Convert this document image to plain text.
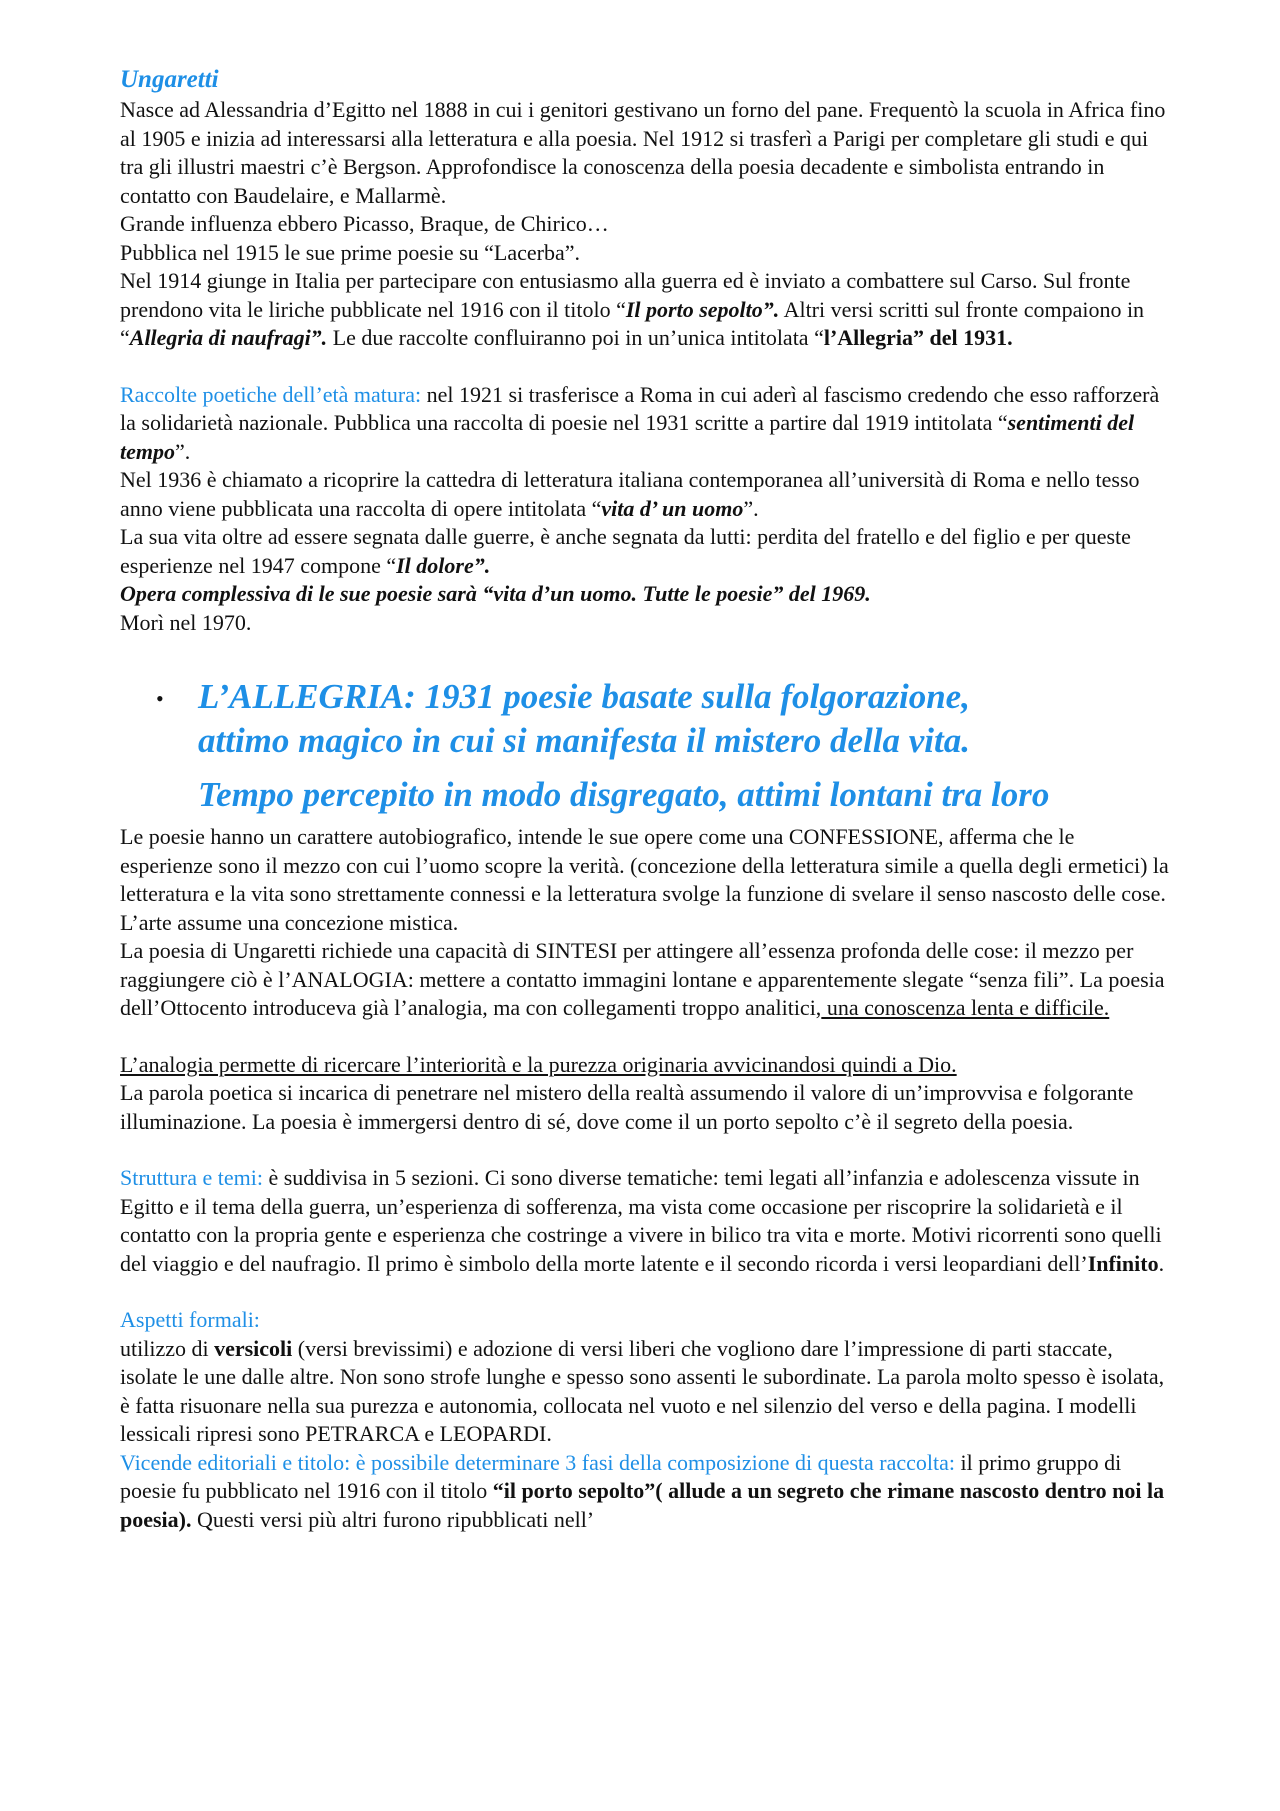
Ungaretti

Nasce ad Alessandria d’Egitto nel 1888 in cui i genitori gestivano un forno del pane. Frequentò la scuola in Africa fino al 1905 e inizia ad interessarsi alla letteratura e alla poesia. Nel 1912 si trasferì a Parigi per completare gli studi e qui tra gli illustri maestri c’è Bergson. Approfondisce la conoscenza della poesia decadente e simbolista entrando in contatto con Baudelaire, e Mallarmè.

Grande influenza ebbero Picasso, Braque, de Chirico…

Pubblica nel 1915 le sue prime poesie su “Lacerba”.

Nel 1914 giunge in Italia per partecipare con entusiasmo alla guerra ed è inviato a combattere sul Carso. Sul fronte prendono vita le liriche pubblicate nel 1916 con il titolo “Il porto sepolto”. Altri versi scritti sul fronte compaiono in “Allegria di naufragi”. Le due raccolte confluiranno poi in un’unica intitolata “l’Allegria” del 1931.

Raccolte poetiche dell’età matura: nel 1921 si trasferisce a Roma in cui aderì al fascismo credendo che esso rafforzerà la solidarietà nazionale. Pubblica una raccolta di poesie nel 1931 scritte a partire dal 1919 intitolata “sentimenti del tempo”.

Nel 1936 è chiamato a ricoprire la cattedra di letteratura italiana contemporanea all’università di Roma e nello tesso anno viene pubblicata una raccolta di opere intitolata “vita d’ un uomo”.

La sua vita oltre ad essere segnata dalle guerre, è anche segnata da lutti: perdita del fratello e del figlio e per queste esperienze nel 1947 compone “Il dolore”.

Opera complessiva di le sue poesie sarà “vita d’un uomo. Tutte le poesie” del 1969.

Morì nel 1970.

• L’ALLEGRIA: 1931 poesie basate sulla folgorazione,
attimo magico in cui si manifesta il mistero della vita.
Tempo percepito in modo disgregato, attimi lontani tra loro

Le poesie hanno un carattere autobiografico, intende le sue opere come una CONFESSIONE, afferma che le esperienze sono il mezzo con cui l’uomo scopre la verità. (concezione della letteratura simile a quella degli ermetici) la letteratura e la vita sono strettamente connessi e la letteratura svolge la funzione di svelare il senso nascosto delle cose.

L’arte assume una concezione mistica.

La poesia di Ungaretti richiede una capacità di SINTESI per attingere all’essenza profonda delle cose: il mezzo per raggiungere ciò è l’ANALOGIA: mettere a contatto immagini lontane e apparentemente slegate “senza fili”. La poesia dell’Ottocento introduceva già l’analogia, ma con collegamenti troppo analitici, una conoscenza lenta e difficile.

L’analogia permette di ricercare l’interiorità e la purezza originaria avvicinandosi quindi a Dio.

La parola poetica si incarica di penetrare nel mistero della realtà assumendo il valore di un’improvvisa e folgorante illuminazione. La poesia è immergersi dentro di sé, dove come il un porto sepolto c’è il segreto della poesia.

Struttura e temi: è suddivisa in 5 sezioni. Ci sono diverse tematiche: temi legati all’infanzia e adolescenza vissute in Egitto e il tema della guerra, un’esperienza di sofferenza, ma vista come occasione per riscoprire la solidarietà e il contatto con la propria gente e esperienza che costringe a vivere in bilico tra vita e morte. Motivi ricorrenti sono quelli del viaggio e del naufragio. Il primo è simbolo della morte latente e il secondo ricorda i versi leopardiani dell’Infinito.

Aspetti formali:

utilizzo di versicoli (versi brevissimi) e adozione di versi liberi che vogliono dare l’impressione di parti staccate, isolate le une dalle altre. Non sono strofe lunghe e spesso sono assenti le subordinate. La parola molto spesso è isolata, è fatta risuonare nella sua purezza e autonomia, collocata nel vuoto e nel silenzio del verso e della pagina. I modelli lessicali ripresi sono PETRARCA e LEOPARDI.

Vicende editoriali e titolo: è possibile determinare 3 fasi della composizione di questa raccolta: il primo gruppo di poesie fu pubblicato nel 1916 con il titolo “il porto sepolto”( allude a un segreto che rimane nascosto dentro noi la poesia). Questi versi più altri furono ripubblicati nell’
